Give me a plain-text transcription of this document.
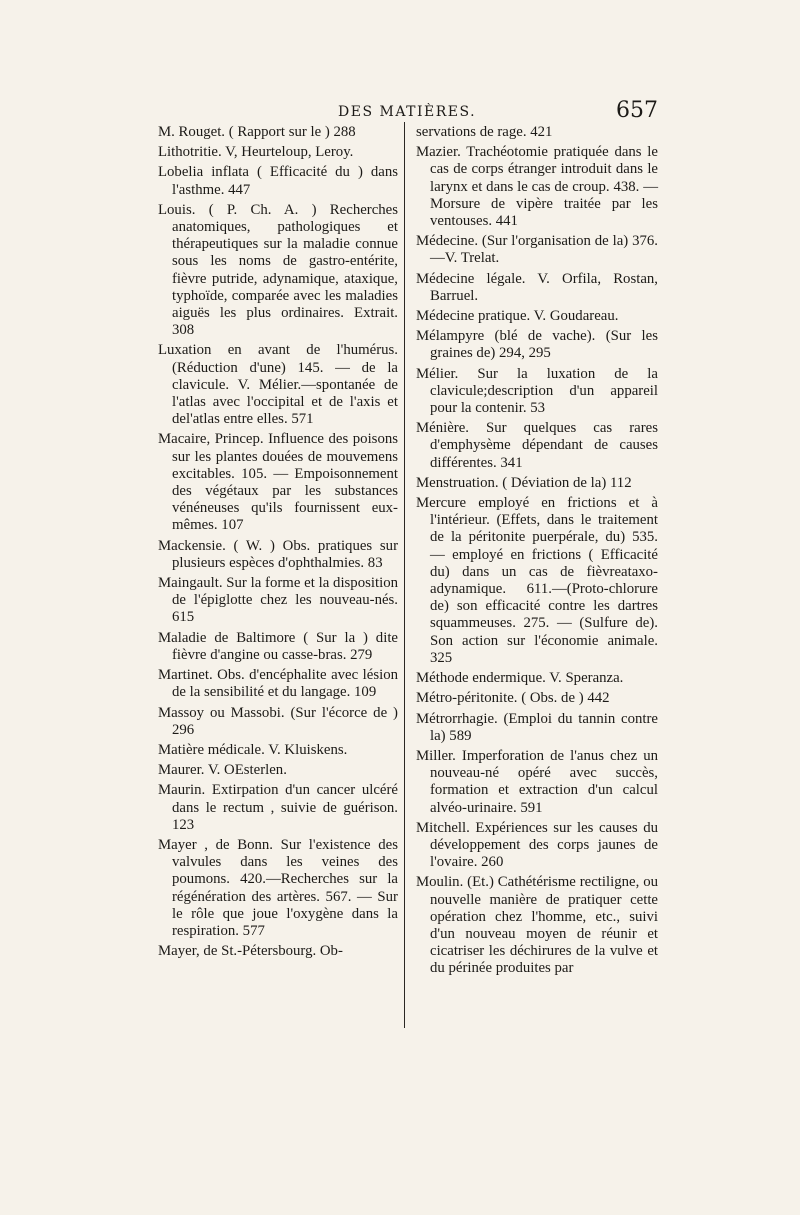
DES MATIÈRES.	657

M. Rouget. ( Rapport sur le ) 288

Lithotritie. V, Heurteloup, Leroy.

Lobelia inflata ( Efficacité du ) dans l'asthme. 447

Louis. ( P. Ch. A. ) Recherches anatomiques, pathologiques et thérapeutiques sur la maladie connue sous les noms de gastro-entérite, fièvre putride, adynamique, ataxique, typhoïde, comparée avec les maladies aiguës les plus ordinaires. Extrait. 308

Luxation en avant de l'humérus. (Réduction d'une) 145. — de la clavicule. V. Mélier.—spontanée de l'atlas avec l'occipital et de l'axis et del'atlas entre elles. 571

Macaire, Princep. Influence des poisons sur les plantes douées de mouvemens excitables. 105. — Empoisonnement des végétaux par les substances vénéneuses qu'ils fournissent eux-mêmes. 107

Mackensie. ( W. ) Obs. pratiques sur plusieurs espèces d'ophthalmies. 83

Maingault. Sur la forme et la disposition de l'épiglotte chez les nouveau-nés. 615

Maladie de Baltimore ( Sur la ) dite fièvre d'angine ou casse-bras. 279

Martinet. Obs. d'encéphalite avec lésion de la sensibilité et du langage. 109

Massoy ou Massobi. (Sur l'écorce de ) 296

Matière médicale. V. Kluiskens.

Maurer. V. OEsterlen.

Maurin. Extirpation d'un cancer ulcéré dans le rectum , suivie de guérison. 123

Mayer , de Bonn. Sur l'existence des valvules dans les veines des poumons. 420.—Recherches sur la régénération des artères. 567. — Sur le rôle que joue l'oxygène dans la respiration. 577

Mayer, de St.-Pétersbourg. Ob-

servations de rage. 421

Mazier. Trachéotomie pratiquée dans le cas de corps étranger introduit dans le larynx et dans le cas de croup. 438. — Morsure de vipère traitée par les ventouses. 441

Médecine. (Sur l'organisation de la) 376. —V. Trelat.

Médecine légale. V. Orfila, Rostan, Barruel.

Médecine pratique. V. Goudareau.

Mélampyre (blé de vache). (Sur les graines de) 294, 295

Mélier. Sur la luxation de la clavicule;description d'un appareil pour la contenir. 53

Ménière. Sur quelques cas rares d'emphysème dépendant de causes différentes. 341

Menstruation. ( Déviation de la) 112

Mercure employé en frictions et à l'intérieur. (Effets, dans le traitement de la péritonite puerpérale, du) 535. — employé en frictions ( Efficacité du) dans un cas de fièvreataxo-adynamique. 611.—(Proto-chlorure de) son efficacité contre les dartres squammeuses. 275. — (Sulfure de). Son action sur l'économie animale. 325

Méthode endermique. V. Speranza.

Métro-péritonite. ( Obs. de ) 442

Métrorrhagie. (Emploi du tannin contre la) 589

Miller. Imperforation de l'anus chez un nouveau-né opéré avec succès, formation et extraction d'un calcul alvéo-urinaire. 591

Mitchell. Expériences sur les causes du développement des corps jaunes de l'ovaire. 260

Moulin. (Et.) Cathétérisme rectiligne, ou nouvelle manière de pratiquer cette opération chez l'homme, etc., suivi d'un nouveau moyen de réunir et cicatriser les déchirures de la vulve et du périnée produites par
